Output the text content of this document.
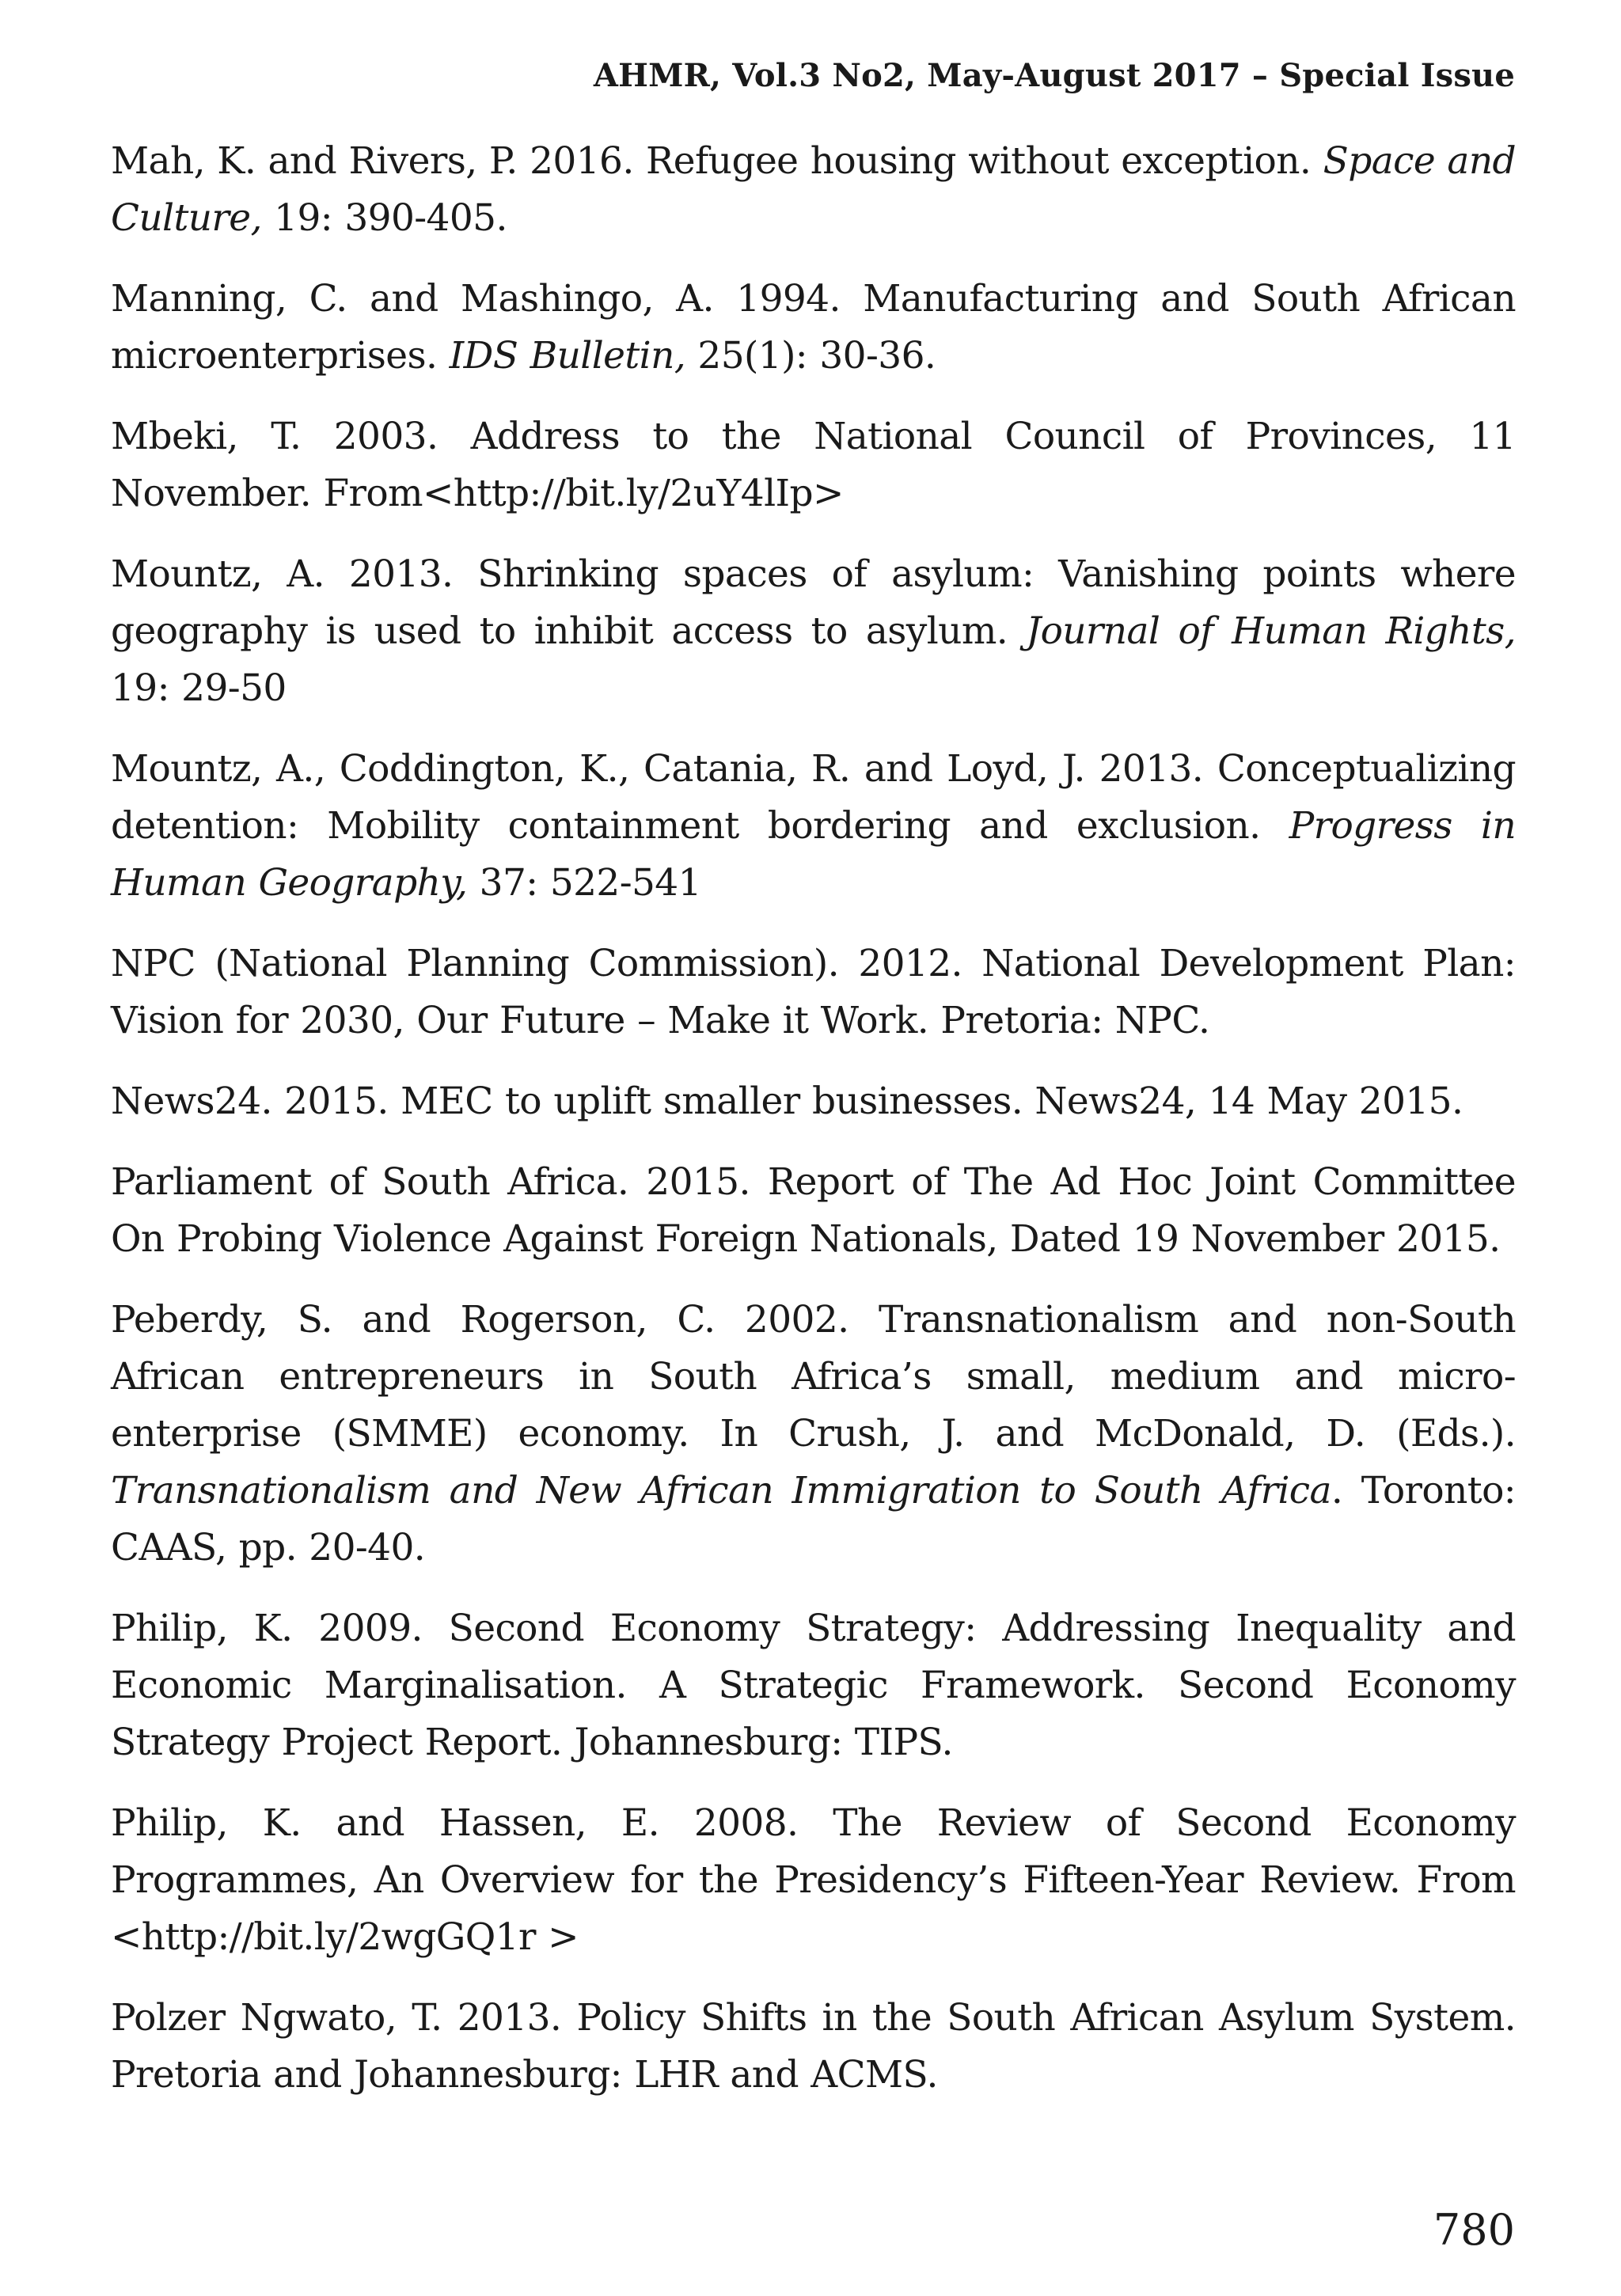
AHMR, Vol.3 No2, May-August 2017 – Special Issue

Mah, K. and Rivers, P. 2016. Refugee housing without exception. Space and Culture, 19: 390-405.

Manning, C. and Mashingo, A. 1994. Manufacturing and South African microenterprises. IDS Bulletin, 25(1): 30-36.

Mbeki, T. 2003. Address to the National Council of Provinces, 11 November. From<http://bit.ly/2uY4lIp>

Mountz, A. 2013. Shrinking spaces of asylum: Vanishing points where geography is used to inhibit access to asylum. Journal of Human Rights, 19: 29-50

Mountz, A., Coddington, K., Catania, R. and Loyd, J. 2013. Conceptualizing detention: Mobility containment bordering and exclusion. Progress in Human Geography, 37: 522-541

NPC (National Planning Commission). 2012. National Development Plan: Vision for 2030, Our Future – Make it Work. Pretoria: NPC.

News24. 2015. MEC to uplift smaller businesses. News24, 14 May 2015.

Parliament of South Africa. 2015. Report of The Ad Hoc Joint Committee On Probing Violence Against Foreign Nationals, Dated 19 November 2015.

Peberdy, S. and Rogerson, C. 2002. Transnationalism and non-South African entrepreneurs in South Africa’s small, medium and micro-enterprise (SMME) economy. In Crush, J. and McDonald, D. (Eds.). Transnationalism and New African Immigration to South Africa. Toronto: CAAS, pp. 20-40.

Philip, K. 2009. Second Economy Strategy: Addressing Inequality and Economic Marginalisation. A Strategic Framework. Second Economy Strategy Project Report. Johannesburg: TIPS.

Philip, K. and Hassen, E. 2008. The Review of Second Economy Programmes, An Overview for the Presidency’s Fifteen-Year Review. From <http://bit.ly/2wgGQ1r >

Polzer Ngwato, T. 2013. Policy Shifts in the South African Asylum System. Pretoria and Johannesburg: LHR and ACMS.

780
